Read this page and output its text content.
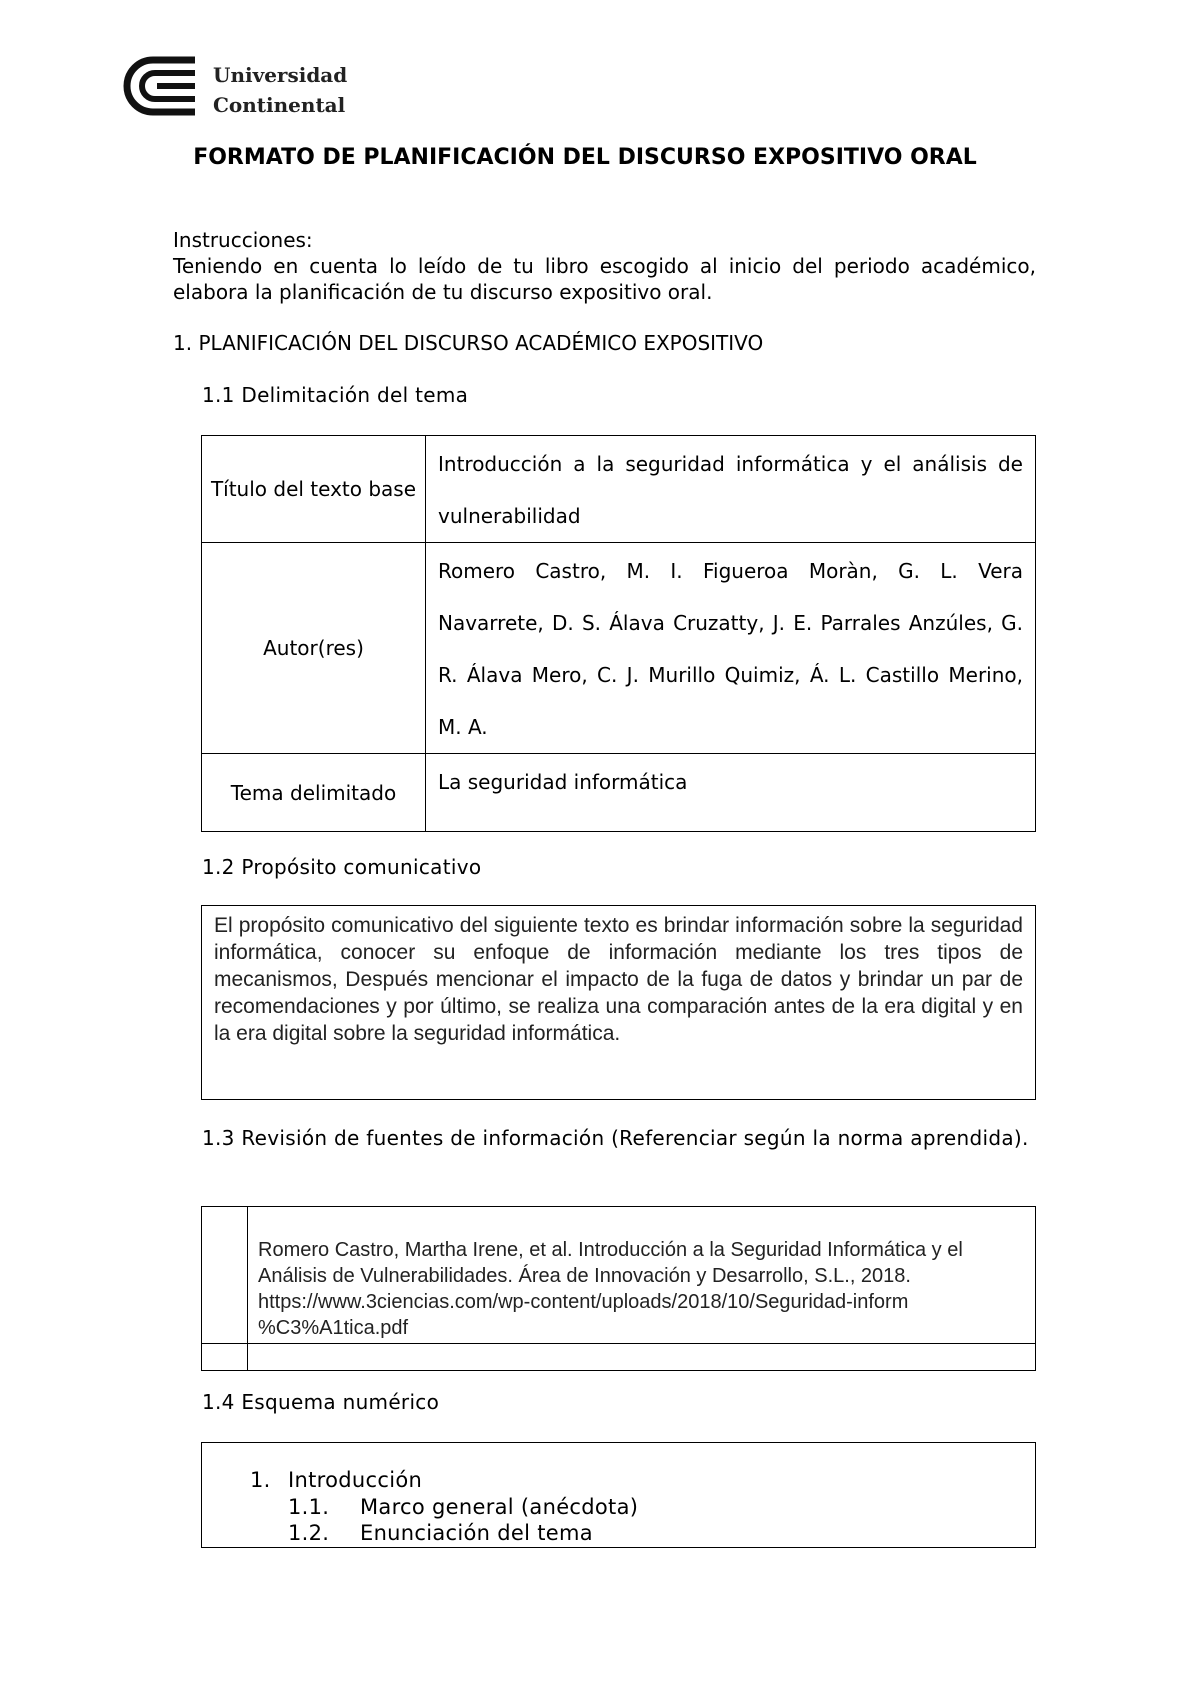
Universidad
Continental
FORMATO DE PLANIFICACIÓN DEL DISCURSO EXPOSITIVO ORAL
Instrucciones:
Teniendo en cuenta lo leído de tu libro escogido al inicio del periodo académico, elabora la planificación de tu discurso expositivo oral.
1. PLANIFICACIÓN DEL DISCURSO ACADÉMICO EXPOSITIVO
1.1 Delimitación del tema
Título del texto base	Introducción a la seguridad informática y el análisis de vulnerabilidad
Autor(res)	Romero Castro, M. I. Figueroa Moràn, G. L. Vera Navarrete, D. S. Álava Cruzatty, J. E. Parrales Anzúles, G. R. Álava Mero, C. J. Murillo Quimiz, Á. L. Castillo Merino, M. A.
Tema delimitado	La seguridad informática
1.2 Propósito comunicativo
El propósito comunicativo del siguiente texto es brindar información sobre la seguridad informática, conocer su enfoque de información mediante los tres tipos de mecanismos, Después mencionar el impacto de la fuga de datos y brindar un par de recomendaciones y por último, se realiza una comparación antes de la era digital y en la era digital sobre la seguridad informática.
1.3 Revisión de fuentes de información (Referenciar según la norma aprendida).
	Romero Castro, Martha Irene, et al. Introducción a la Seguridad Informática y el Análisis de Vulnerabilidades. Área de Innovación y Desarrollo, S.L., 2018. https://www.3ciencias.com/wp-content/uploads/2018/10/Seguridad-inform %C3%A1tica.pdf

1.4 Esquema numérico
1. Introducción
1.1. Marco general (anécdota)
1.2. Enunciación del tema
